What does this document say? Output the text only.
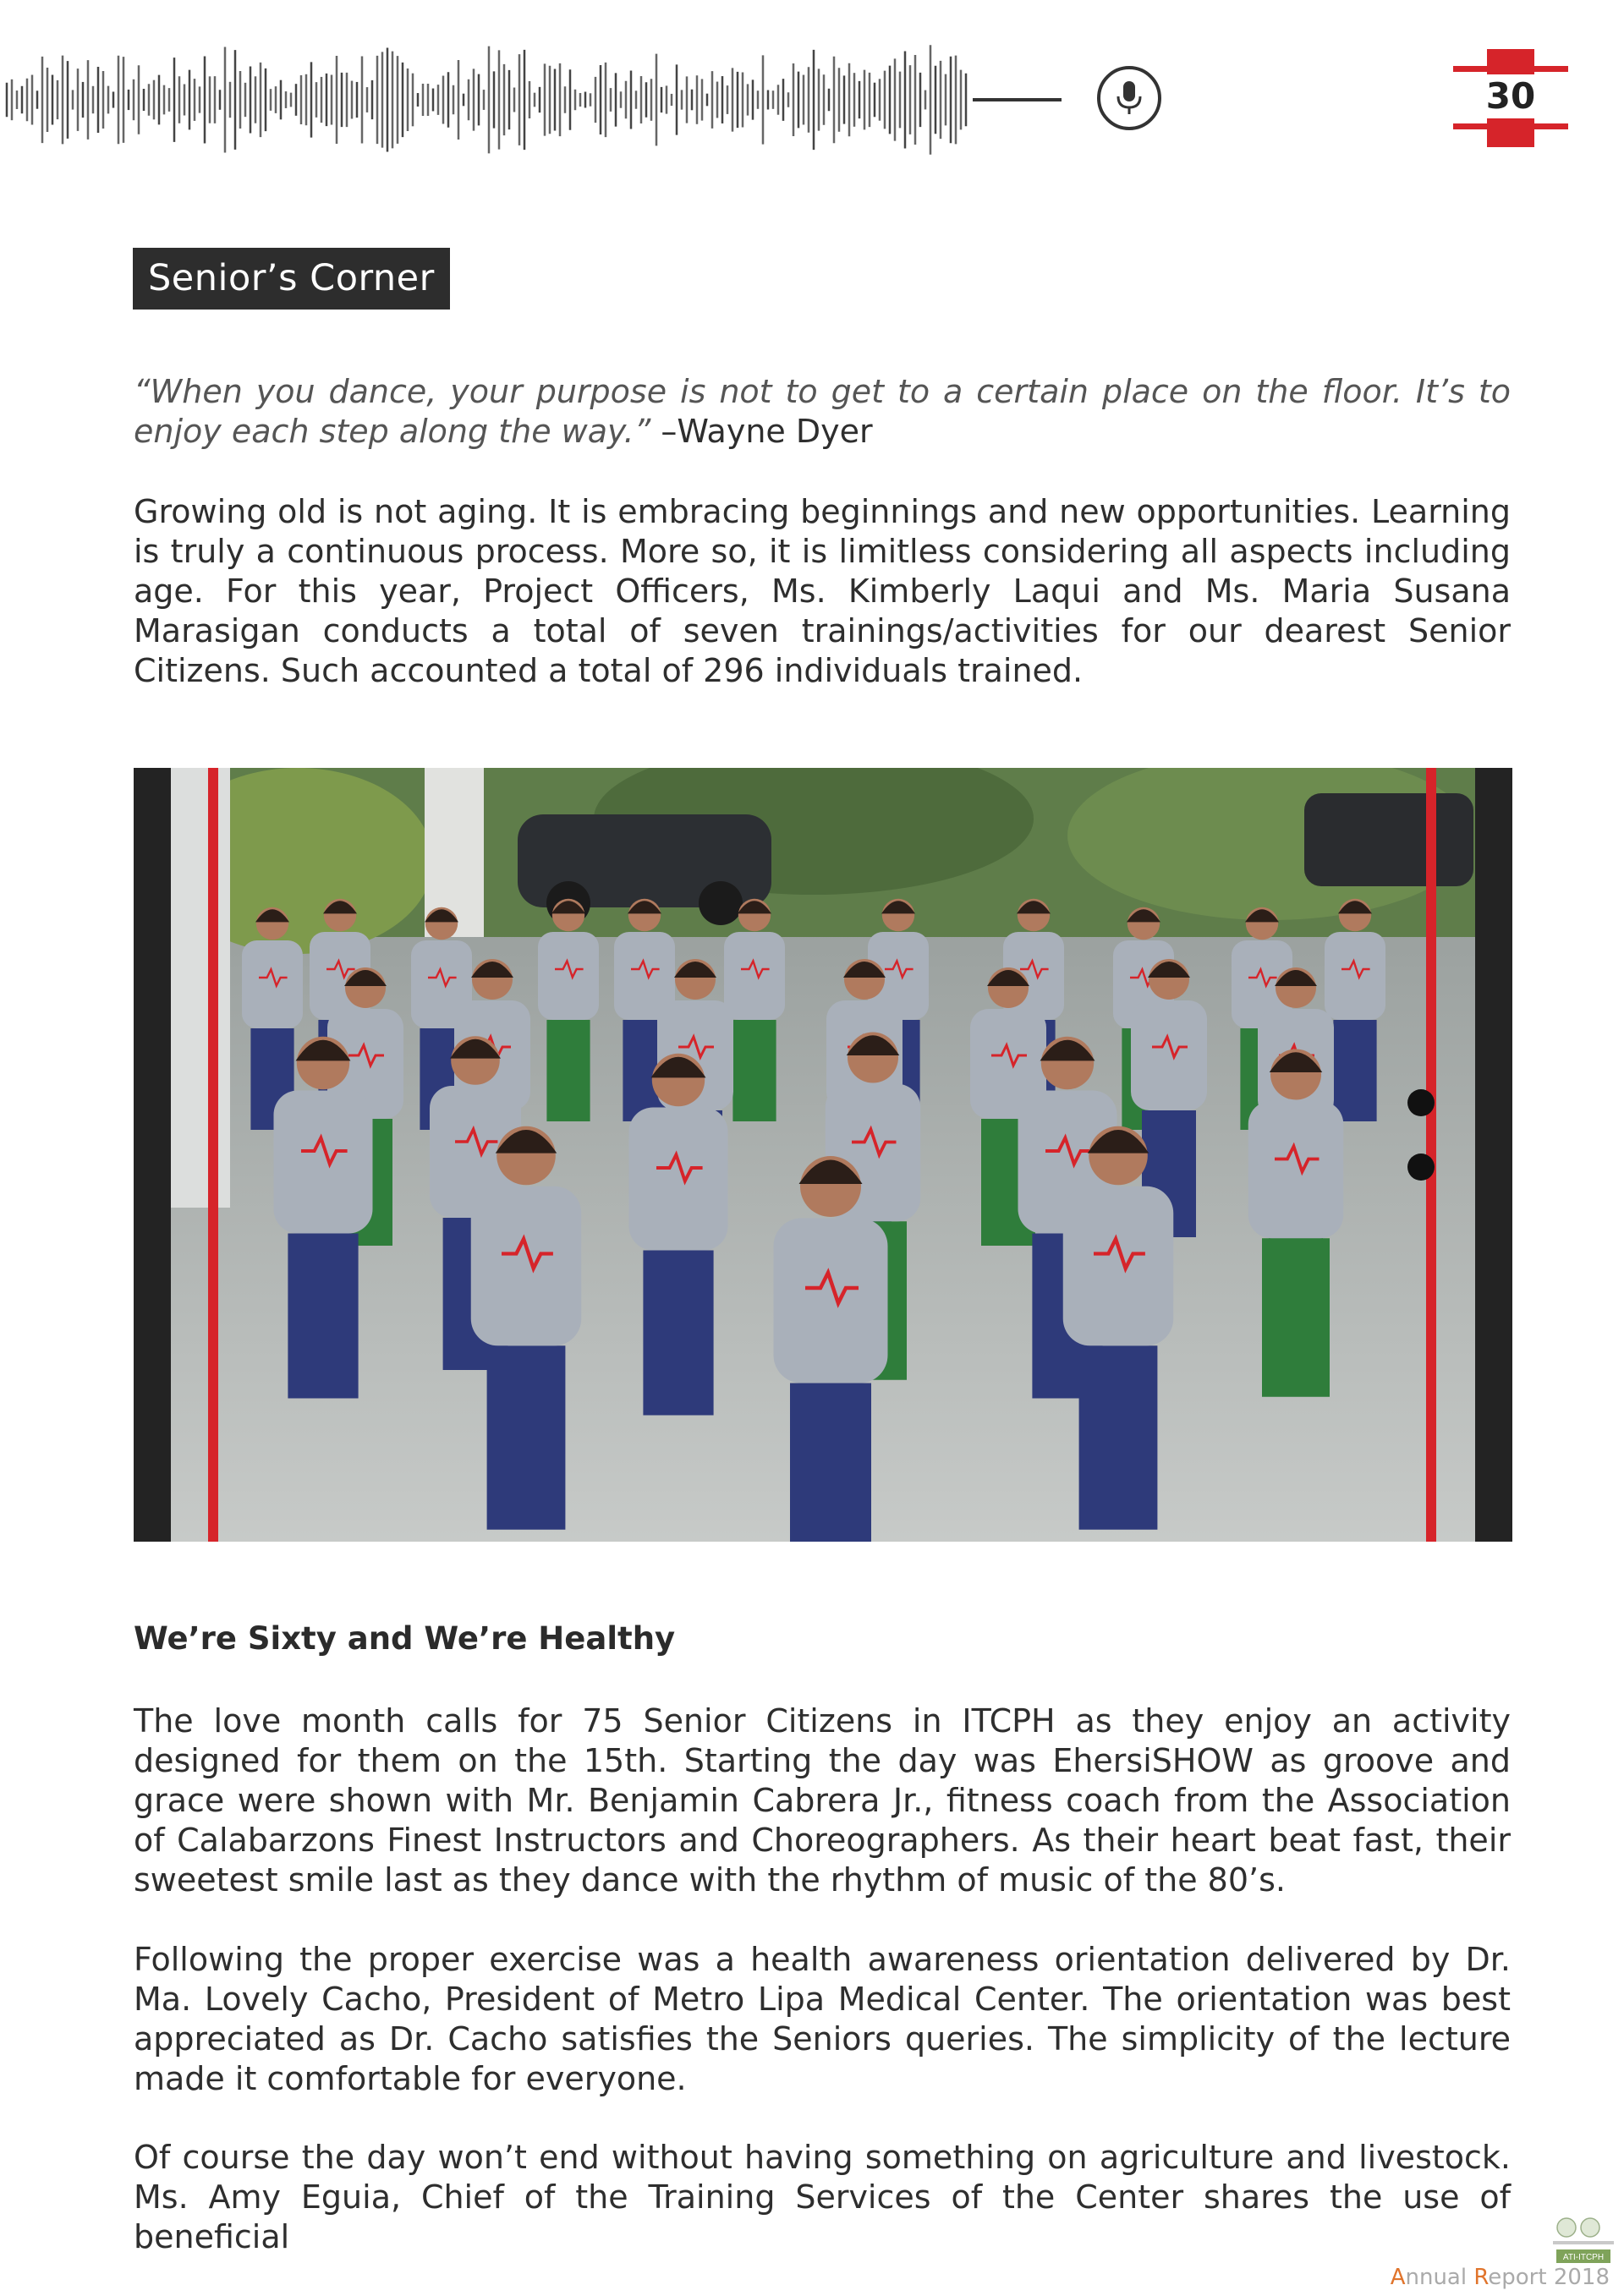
30
Senior’s Corner

“When you dance, your purpose is not to get to a certain place on the floor. It’s to enjoy each step along the way.” –Wayne Dyer

Growing old is not aging. It is embracing beginnings and new opportunities. Learning is truly a continuous process. More so, it is limitless considering all aspects including age. For this year, Project Officers, Ms. Kimberly Laqui and Ms. Maria Susana Marasigan conducts a total of seven trainings/activities for our dearest Senior Citizens. Such accounted a total of 296 individuals trained.

We’re Sixty and We’re Healthy

The love month calls for 75 Senior Citizens in ITCPH as they enjoy an activity designed for them on the 15th. Starting the day was EhersiSHOW as groove and grace were shown with Mr. Benjamin Cabrera Jr., fitness coach from the Association of Calabarzons Finest Instructors and Choreographers. As their heart beat fast, their sweetest smile last as they dance with the rhythm of music of the 80’s.

Following the proper exercise was a health awareness orientation delivered by Dr. Ma. Lovely Cacho, President of Metro Lipa Medical Center. The orientation was best appreciated as Dr. Cacho satisfies the Seniors queries. The simplicity of the lecture made it comfortable for everyone.

Of course the day won’t end without having something on agriculture and livestock. Ms. Amy Eguia, Chief of the Training Services of the Center shares the use of beneficial

ATI-ITCPH
Annual Report 2018
